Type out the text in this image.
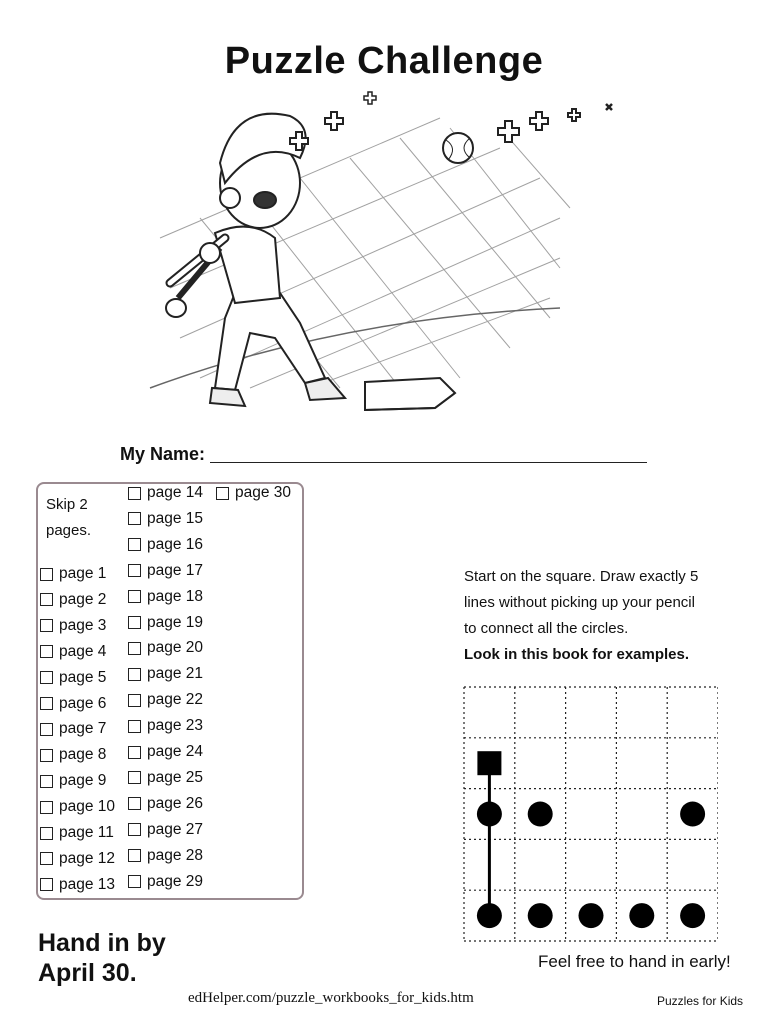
Puzzle Challenge
My Name:
Skip 2 pages.
page 1
page 2
page 3
page 4
page 5
page 6
page 7
page 8
page 9
page 10
page 11
page 12
page 13
page 14
page 15
page 16
page 17
page 18
page 19
page 20
page 21
page 22
page 23
page 24
page 25
page 26
page 27
page 28
page 29
page 30
Start on the square. Draw exactly 5
lines without picking up your pencil
to connect all the circles.
Look in this book for examples.
Hand in by
April 30.	Feel free to hand in early!
edHelper.com/puzzle_workbooks_for_kids.htm	Puzzles for Kids
